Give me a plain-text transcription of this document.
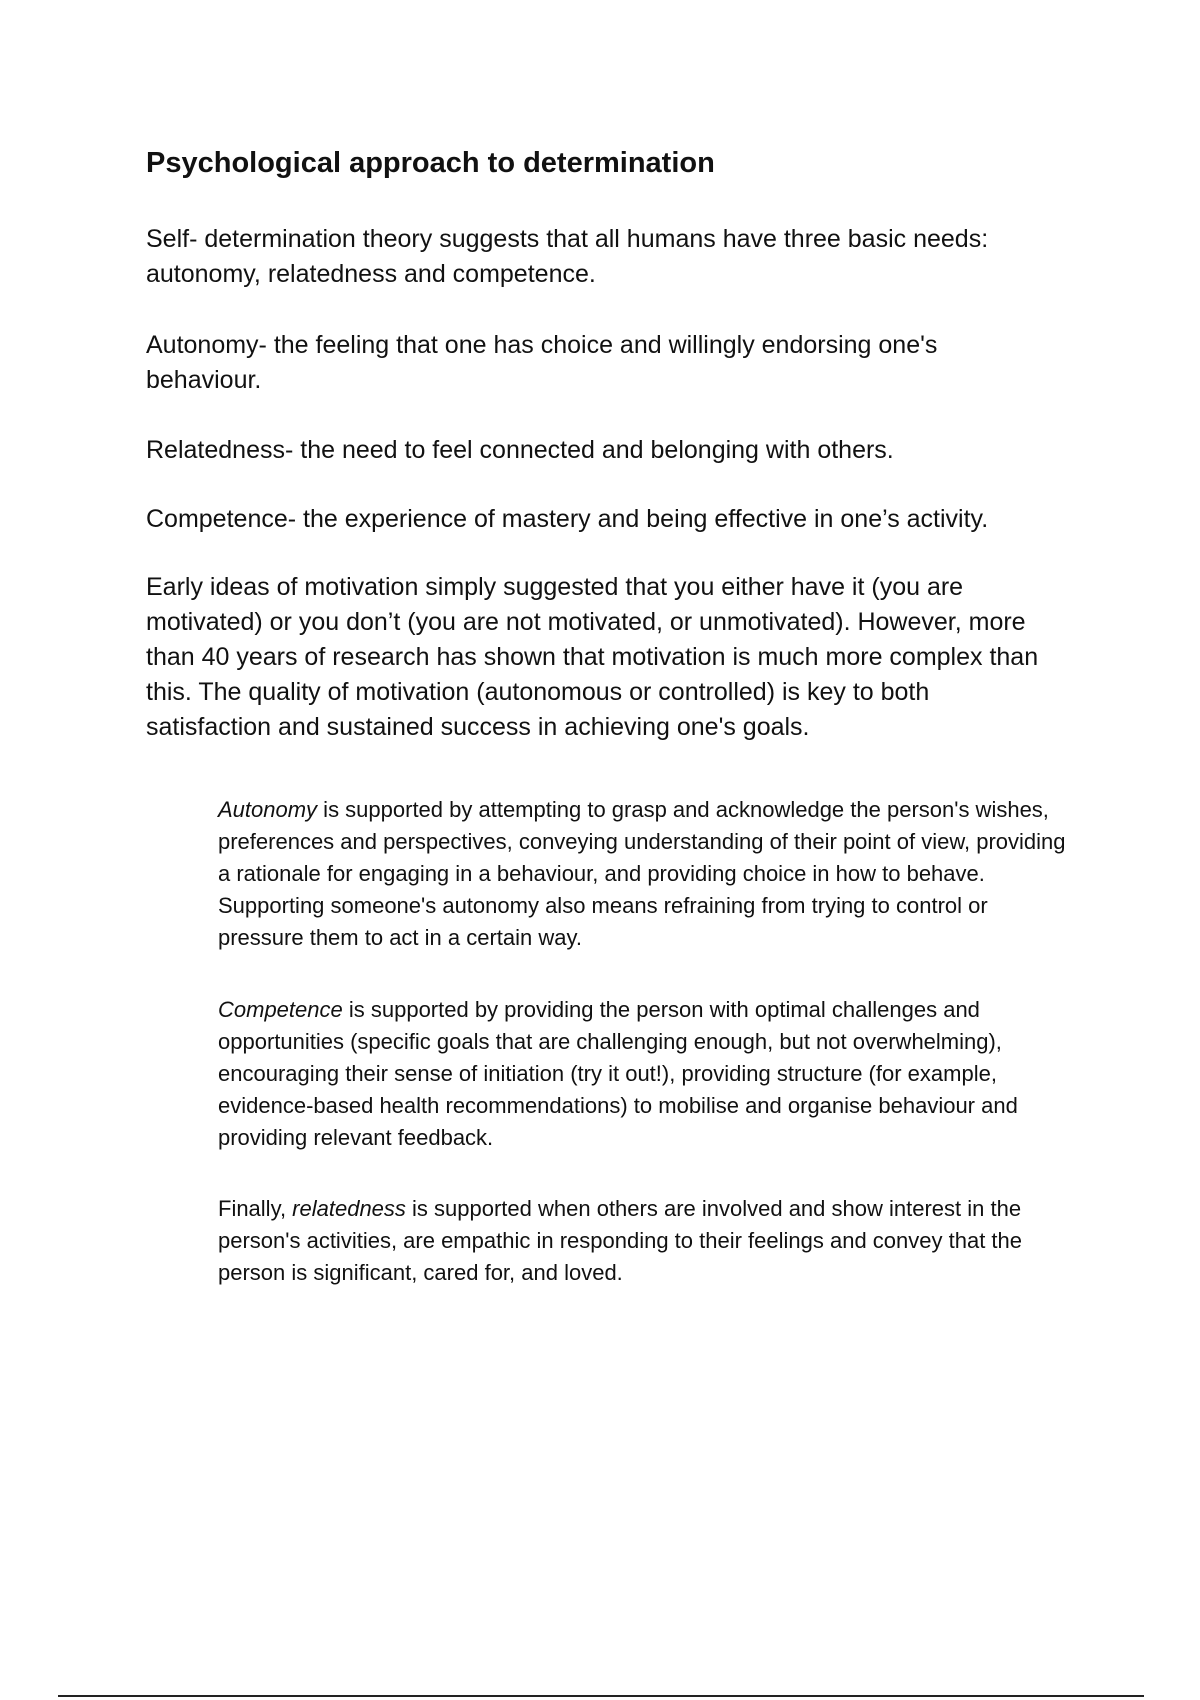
Psychological approach to determination

Self- determination theory suggests that all humans have three basic needs: autonomy, relatedness and competence.

Autonomy- the feeling that one has choice and willingly endorsing one's behaviour.

Relatedness- the need to feel connected and belonging with others.

Competence- the experience of mastery and being effective in one’s activity.

Early ideas of motivation simply suggested that you either have it (you are motivated) or you don’t (you are not motivated, or unmotivated). However, more than 40 years of research has shown that motivation is much more complex than this. The quality of motivation (autonomous or controlled) is key to both satisfaction and sustained success in achieving one's goals.

Autonomy is supported by attempting to grasp and acknowledge the person's wishes, preferences and perspectives, conveying understanding of their point of view, providing a rationale for engaging in a behaviour, and providing choice in how to behave. Supporting someone's autonomy also means refraining from trying to control or pressure them to act in a certain way.

Competence is supported by providing the person with optimal challenges and opportunities (specific goals that are challenging enough, but not overwhelming), encouraging their sense of initiation (try it out!), providing structure (for example, evidence-based health recommendations) to mobilise and organise behaviour and providing relevant feedback.

Finally, relatedness is supported when others are involved and show interest in the person's activities, are empathic in responding to their feelings and convey that the person is significant, cared for, and loved.
